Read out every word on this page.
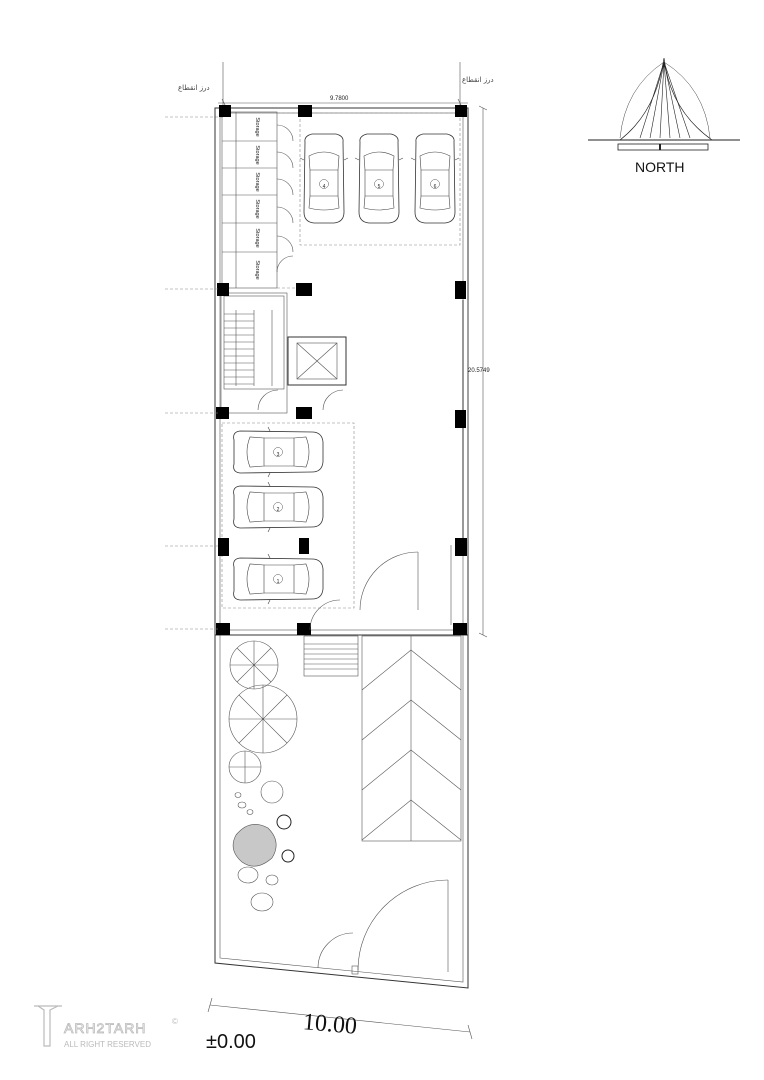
درز انقطاع
درز انقطاع
9.7800
20.5749
Storage
Storage
Storage
Storage
Storage
Storage
1
2
3
4	5	6
10.00
±0.00
NORTH
ARH2TARH	©
ALL RIGHT RESERVED
